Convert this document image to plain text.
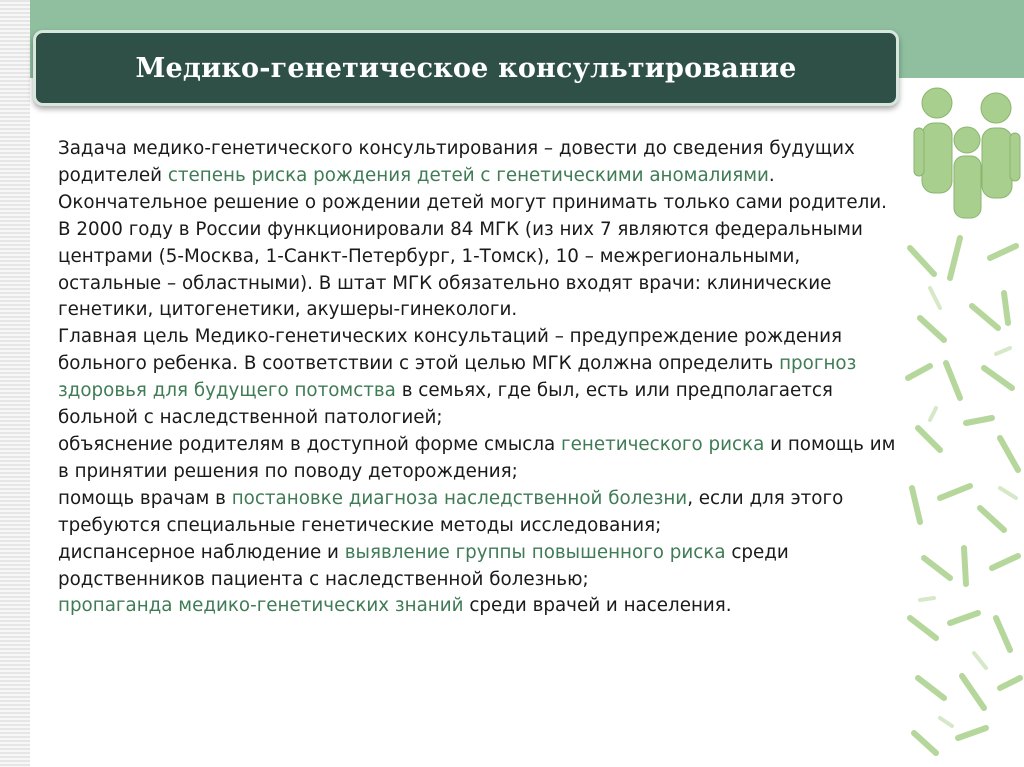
Медико-генетическое консультирование

Задача медико-генетического консультирования – довести до сведения будущих родителей степень риска рождения детей с генетическими аномалиями. Окончательное решение о рождении детей могут принимать только сами родители.

В 2000 году в России функционировали 84 МГК (из них 7 являются федеральными центрами (5-Москва, 1-Санкт-Петербург, 1-Томск), 10 – межрегиональными, остальные – областными). В штат МГК обязательно входят врачи: клинические генетики, цитогенетики, акушеры-гинекологи.

Главная цель Медико-генетических консультаций – предупреждение рождения больного ребенка. В соответствии с этой целью МГК должна определить прогноз здоровья для будущего потомства в семьях, где был, есть или предполагается больной с наследственной патологией;

объяснение родителям в доступной форме смысла генетического риска и помощь им в принятии решения по поводу деторождения;

помощь врачам в постановке диагноза наследственной болезни, если для этого требуются специальные генетические методы исследования;

диспансерное наблюдение и выявление группы повышенного риска среди родственников пациента с наследственной болезнью;

пропаганда медико-генетических знаний среди врачей и населения.
